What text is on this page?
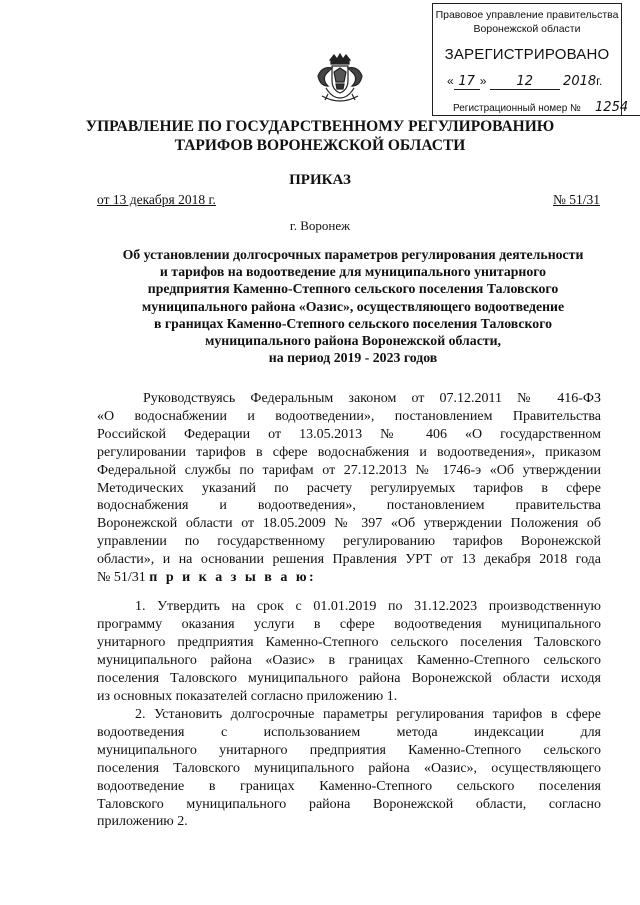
Правовое управление правительства
Воронежской области
ЗАРЕГИСТРИРОВАНО
« 17 » 12 2018г.
Регистрационный номер № 1254
УПРАВЛЕНИЕ ПО ГОСУДАРСТВЕННОМУ РЕГУЛИРОВАНИЮ
ТАРИФОВ ВОРОНЕЖСКОЙ ОБЛАСТИ
ПРИКАЗ
от 13 декабря 2018 г.	№ 51/31
г. Воронеж
Об установлении долгосрочных параметров регулирования деятельности
и тарифов на водоотведение для муниципального унитарного
предприятия Каменно-Степного сельского поселения Таловского
муниципального района «Оазис», осуществляющего водоотведение
в границах Каменно-Степного сельского поселения Таловского
муниципального района Воронежской области,
на период 2019 - 2023 годов
Руководствуясь Федеральным законом от 07.12.2011 № 416-ФЗ
«О водоснабжении и водоотведении», постановлением Правительства
Российской Федерации от 13.05.2013 № 406 «О государственном
регулировании тарифов в сфере водоснабжения и водоотведения», приказом
Федеральной службы по тарифам от 27.12.2013 № 1746-э «Об утверждении
Методических указаний по расчету регулируемых тарифов в сфере
водоснабжения и водоотведения», постановлением правительства
Воронежской области от 18.05.2009 № 397 «Об утверждении Положения об
управлении по государственному регулированию тарифов Воронежской
области», и на основании решения Правления УРТ от 13 декабря 2018 года
№ 51/31 п р и к а з ы в а ю:
1. Утвердить на срок с 01.01.2019 по 31.12.2023 производственную
программу оказания услуги в сфере водоотведения муниципального
унитарного предприятия Каменно-Степного сельского поселения Таловского
муниципального района «Оазис» в границах Каменно-Степного сельского
поселения Таловского муниципального района Воронежской области исходя
из основных показателей согласно приложению 1.
2. Установить долгосрочные параметры регулирования тарифов в сфере
водоотведения с использованием метода индексации для
муниципального унитарного предприятия Каменно-Степного сельского
поселения Таловского муниципального района «Оазис», осуществляющего
водоотведение в границах Каменно-Степного сельского поселения
Таловского муниципального района Воронежской области, согласно
приложению 2.
